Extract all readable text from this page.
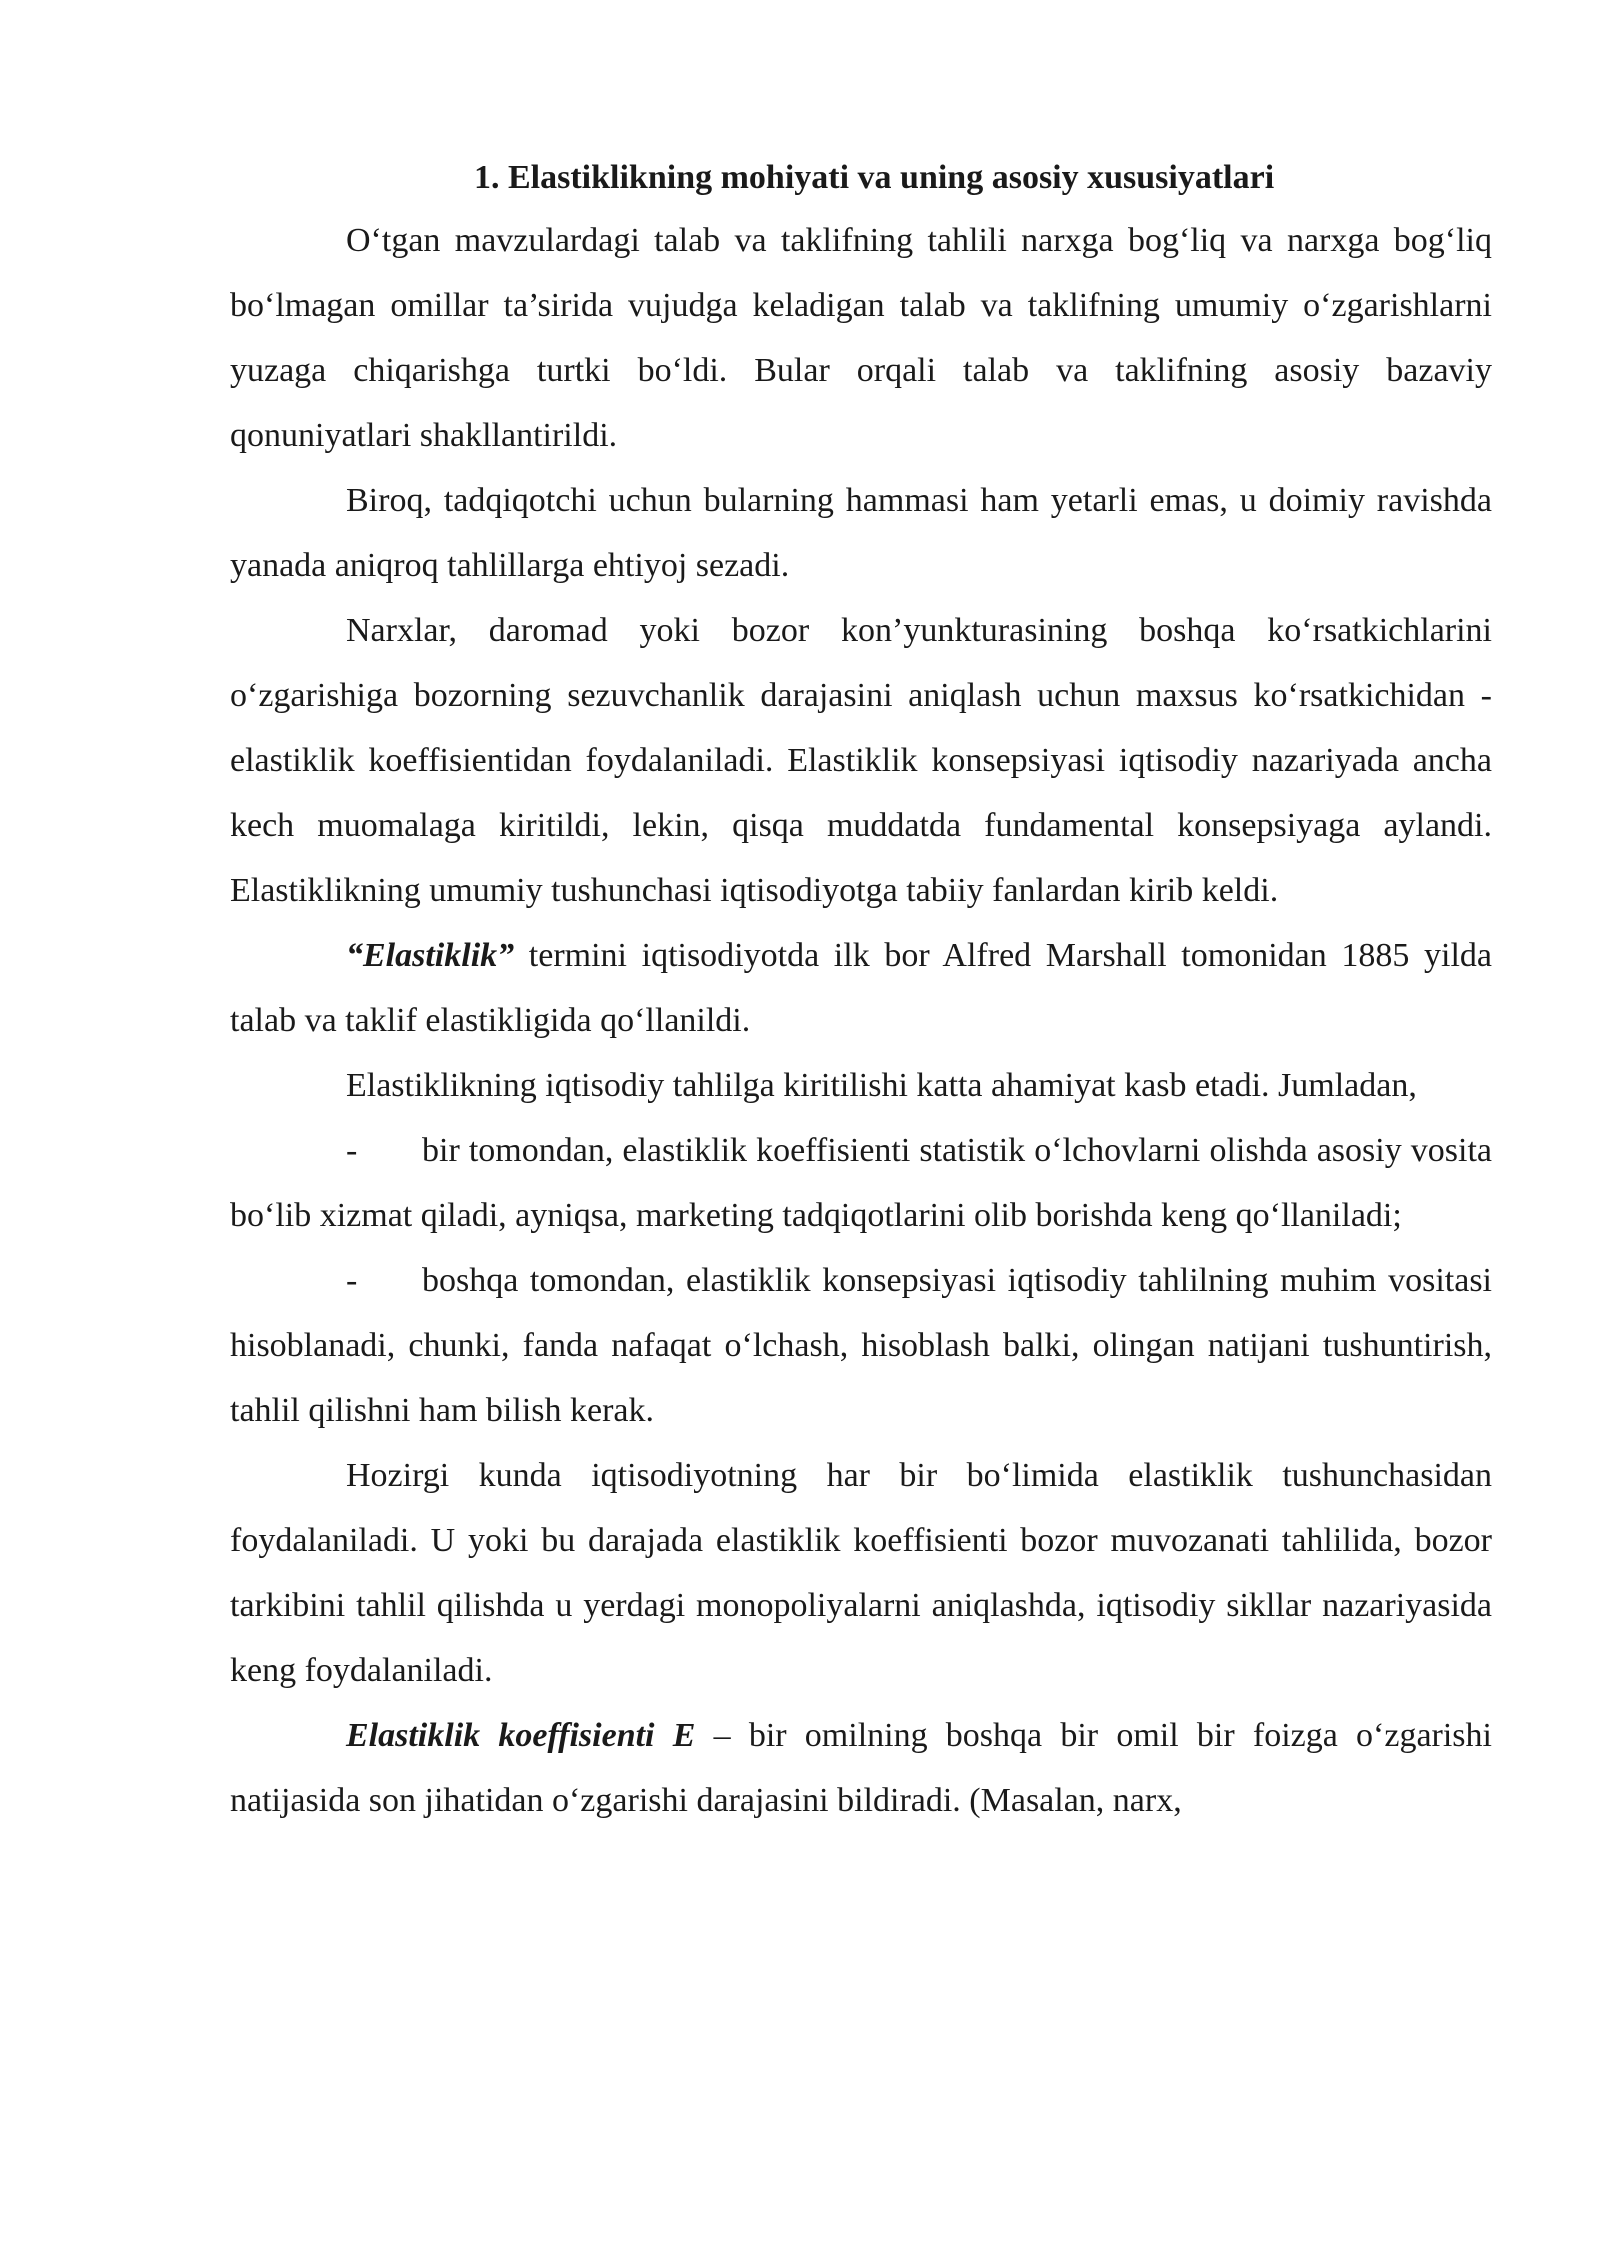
1. Elastiklikning mohiyati va uning asosiy xususiyatlari

O‘tgan mavzulardagi talab va taklifning tahlili narxga bog‘liq va narxga bog‘liq bo‘lmagan omillar ta’sirida vujudga keladigan talab va taklifning umumiy o‘zgarishlarni yuzaga chiqarishga turtki bo‘ldi. Bular orqali talab va taklifning asosiy bazaviy qonuniyatlari shakllantirildi.

Biroq, tadqiqotchi uchun bularning hammasi ham yetarli emas, u doimiy ravishda yanada aniqroq tahlillarga ehtiyoj sezadi.

Narxlar, daromad yoki bozor kon’yunkturasining boshqa ko‘rsatkichlarini o‘zgarishiga bozorning sezuvchanlik darajasini aniqlash uchun maxsus ko‘rsatkichidan - elastiklik koeffisientidan foydalaniladi. Elastiklik konsepsiyasi iqtisodiy nazariyada ancha kech muomalaga kiritildi, lekin, qisqa muddatda fundamental konsepsiyaga aylandi. Elastiklikning umumiy tushunchasi iqtisodiyotga tabiiy fanlardan kirib keldi.

“Elastiklik” termini iqtisodiyotda ilk bor Alfred Marshall tomonidan 1885 yilda talab va taklif elastikligida qo‘llanildi.

Elastiklikning iqtisodiy tahlilga kiritilishi katta ahamiyat kasb etadi. Jumladan,

- bir tomondan, elastiklik koeffisienti statistik o‘lchovlarni olishda asosiy vosita bo‘lib xizmat qiladi, ayniqsa, marketing tadqiqotlarini olib borishda keng qo‘llaniladi;

- boshqa tomondan, elastiklik konsepsiyasi iqtisodiy tahlilning muhim vositasi hisoblanadi, chunki, fanda nafaqat o‘lchash, hisoblash balki, olingan natijani tushuntirish, tahlil qilishni ham bilish kerak.

Hozirgi kunda iqtisodiyotning har bir bo‘limida elastiklik tushunchasidan foydalaniladi. U yoki bu darajada elastiklik koeffisienti bozor muvozanati tahlilida, bozor tarkibini tahlil qilishda u yerdagi monopoliyalarni aniqlashda, iqtisodiy sikllar nazariyasida keng foydalaniladi.

Elastiklik koeffisienti E – bir omilning boshqa bir omil bir foizga o‘zgarishi natijasida son jihatidan o‘zgarishi darajasini bildiradi. (Masalan, narx,
